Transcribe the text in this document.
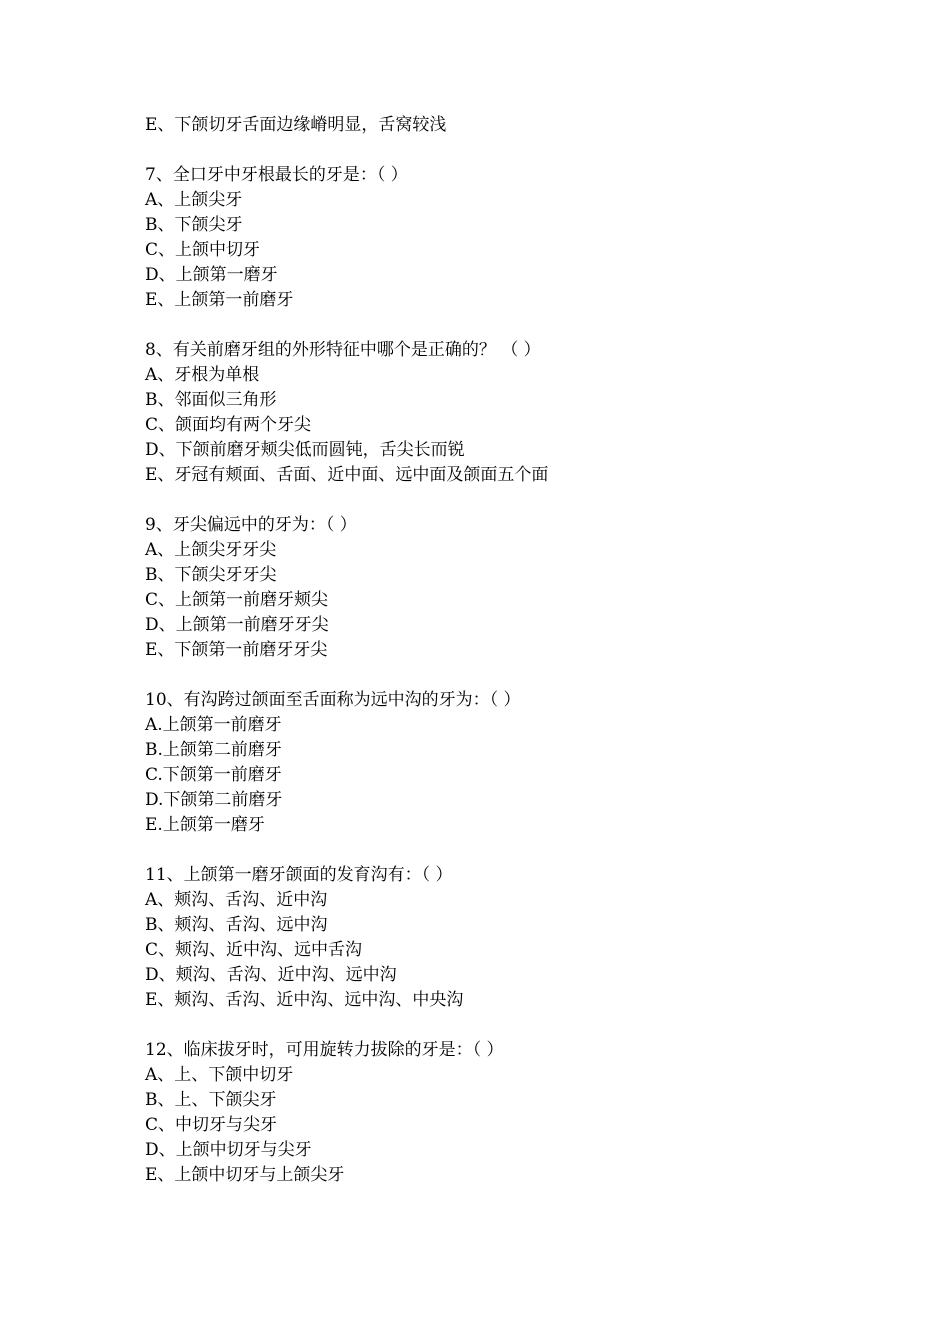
E、下颌切牙舌面边缘嵴明显，舌窝较浅
7、全口牙中牙根最长的牙是：（ ）
A、上颌尖牙
B、下颌尖牙
C、上颌中切牙
D、上颌第一磨牙
E、上颌第一前磨牙
8、有关前磨牙组的外形特征中哪个是正确的？ （ ）
A、牙根为单根
B、邻面似三角形
C、颌面均有两个牙尖
D、下颌前磨牙颊尖低而圆钝，舌尖长而锐
E、牙冠有颊面、舌面、近中面、远中面及颌面五个面
9、牙尖偏远中的牙为：（ ）
A、上颌尖牙牙尖
B、下颌尖牙牙尖
C、上颌第一前磨牙颊尖
D、上颌第一前磨牙牙尖
E、下颌第一前磨牙牙尖
10、有沟跨过颌面至舌面称为远中沟的牙为：（ ）
A.上颌第一前磨牙
B.上颌第二前磨牙
C.下颌第一前磨牙
D.下颌第二前磨牙
E.上颌第一磨牙
11、上颌第一磨牙颌面的发育沟有：（ ）
A、颊沟、舌沟、近中沟
B、颊沟、舌沟、远中沟
C、颊沟、近中沟、远中舌沟
D、颊沟、舌沟、近中沟、远中沟
E、颊沟、舌沟、近中沟、远中沟、中央沟
12、临床拔牙时，可用旋转力拔除的牙是：（ ）
A、上、下颌中切牙
B、上、下颌尖牙
C、中切牙与尖牙
D、上颌中切牙与尖牙
E、上颌中切牙与上颌尖牙
